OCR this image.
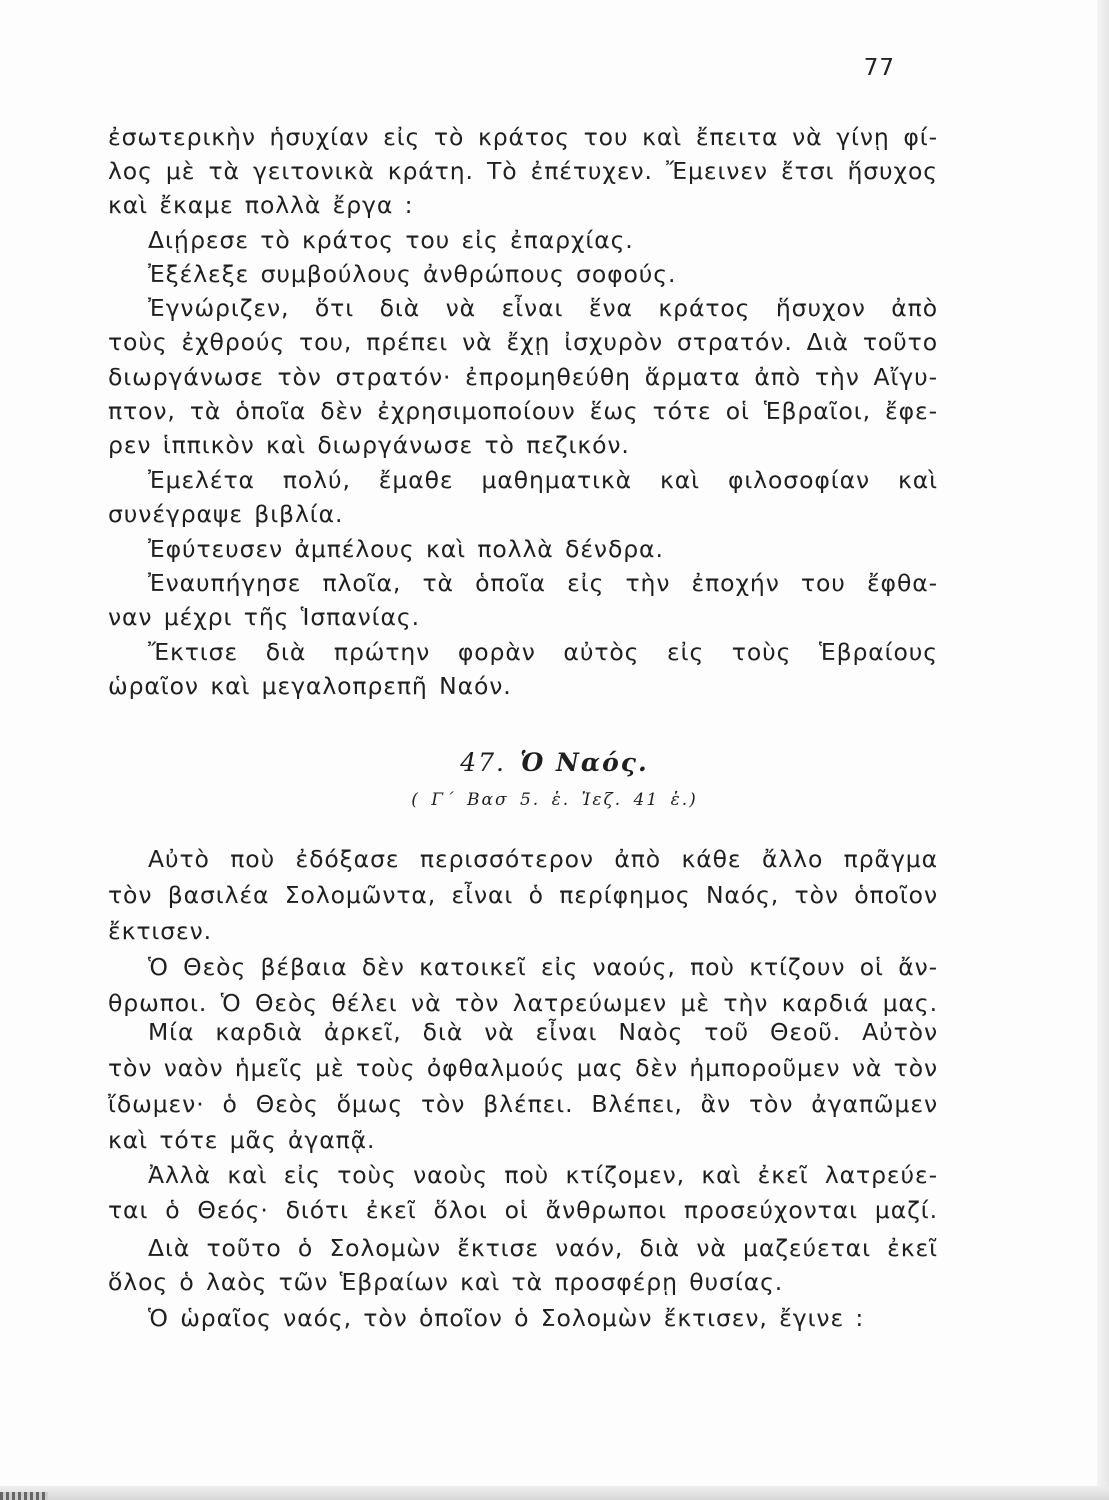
77
ἐσωτερικὴν ἡσυχίαν εἰς τὸ κράτος του καὶ ἔπειτα νὰ γίνῃ φί-
λος μὲ τὰ γειτονικὰ κράτη. Τὸ ἐπέτυχεν. Ἔμεινεν ἔτσι ἥσυχος
καὶ ἔκαμε πολλὰ ἔργα :
Διῄρεσε τὸ κράτος του εἰς ἐπαρχίας.
Ἐξέλεξε συμβούλους ἀνθρώπους σοφούς.
Ἐγνώριζεν, ὅτι διὰ νὰ εἶναι ἕνα κράτος ἥσυχον ἀπὸ
τοὺς ἐχθρούς του, πρέπει νὰ ἔχῃ ἰσχυρὸν στρατόν. Διὰ τοῦτο
διωργάνωσε τὸν στρατόν· ἐπρομηθεύθη ἅρματα ἀπὸ τὴν Αἴγυ-
πτον, τὰ ὁποῖα δὲν ἐχρησιμοποίουν ἕως τότε οἱ Ἑβραῖοι, ἔφε-
ρεν ἱππικὸν καὶ διωργάνωσε τὸ πεζικόν.
Ἐμελέτα πολύ, ἔμαθε μαθηματικὰ καὶ φιλοσοφίαν καὶ
συνέγραψε βιβλία.
Ἐφύτευσεν ἀμπέλους καὶ πολλὰ δένδρα.
Ἐναυπήγησε πλοῖα, τὰ ὁποῖα εἰς τὴν ἐποχήν του ἔφθα-
ναν μέχρι τῆς Ἱσπανίας.
Ἔκτισε διὰ πρώτην φορὰν αὐτὸς εἰς τοὺς Ἑβραίους
ὡραῖον καὶ μεγαλοπρεπῆ Ναόν.
47. Ὁ Ναός.
( Γ΄ Βασ 5. ἑ. Ἰεζ. 41 ἑ.)
Αὐτὸ ποὺ ἐδόξασε περισσότερον ἀπὸ κάθε ἄλλο πρᾶγμα
τὸν βασιλέα Σολομῶντα, εἶναι ὁ περίφημος Ναός, τὸν ὁποῖον
ἔκτισεν.
Ὁ Θεὸς βέβαια δὲν κατοικεῖ εἰς ναούς, ποὺ κτίζουν οἱ ἄν-
θρωποι. Ὁ Θεὸς θέλει νὰ τὸν λατρεύωμεν μὲ τὴν καρδιά μας.
Μία καρδιὰ ἀρκεῖ, διὰ νὰ εἶναι Ναὸς τοῦ Θεοῦ. Αὐτὸν
τὸν ναὸν ἡμεῖς μὲ τοὺς ὀφθαλμούς μας δὲν ἠμποροῦμεν νὰ τὸν
ἴδωμεν· ὁ Θεὸς ὅμως τὸν βλέπει. Βλέπει, ἂν τὸν ἀγαπῶμεν
καὶ τότε μᾶς ἀγαπᾷ.
Ἀλλὰ καὶ εἰς τοὺς ναοὺς ποὺ κτίζομεν, καὶ ἐκεῖ λατρεύε-
ται ὁ Θεός· διότι ἐκεῖ ὅλοι οἱ ἄνθρωποι προσεύχονται μαζί.
Διὰ τοῦτο ὁ Σολομὼν ἔκτισε ναόν, διὰ νὰ μαζεύεται ἐκεῖ
ὅλος ὁ λαὸς τῶν Ἑβραίων καὶ τὰ προσφέρῃ θυσίας.
Ὁ ὡραῖος ναός, τὸν ὁποῖον ὁ Σολομὼν ἔκτισεν, ἔγινε :
